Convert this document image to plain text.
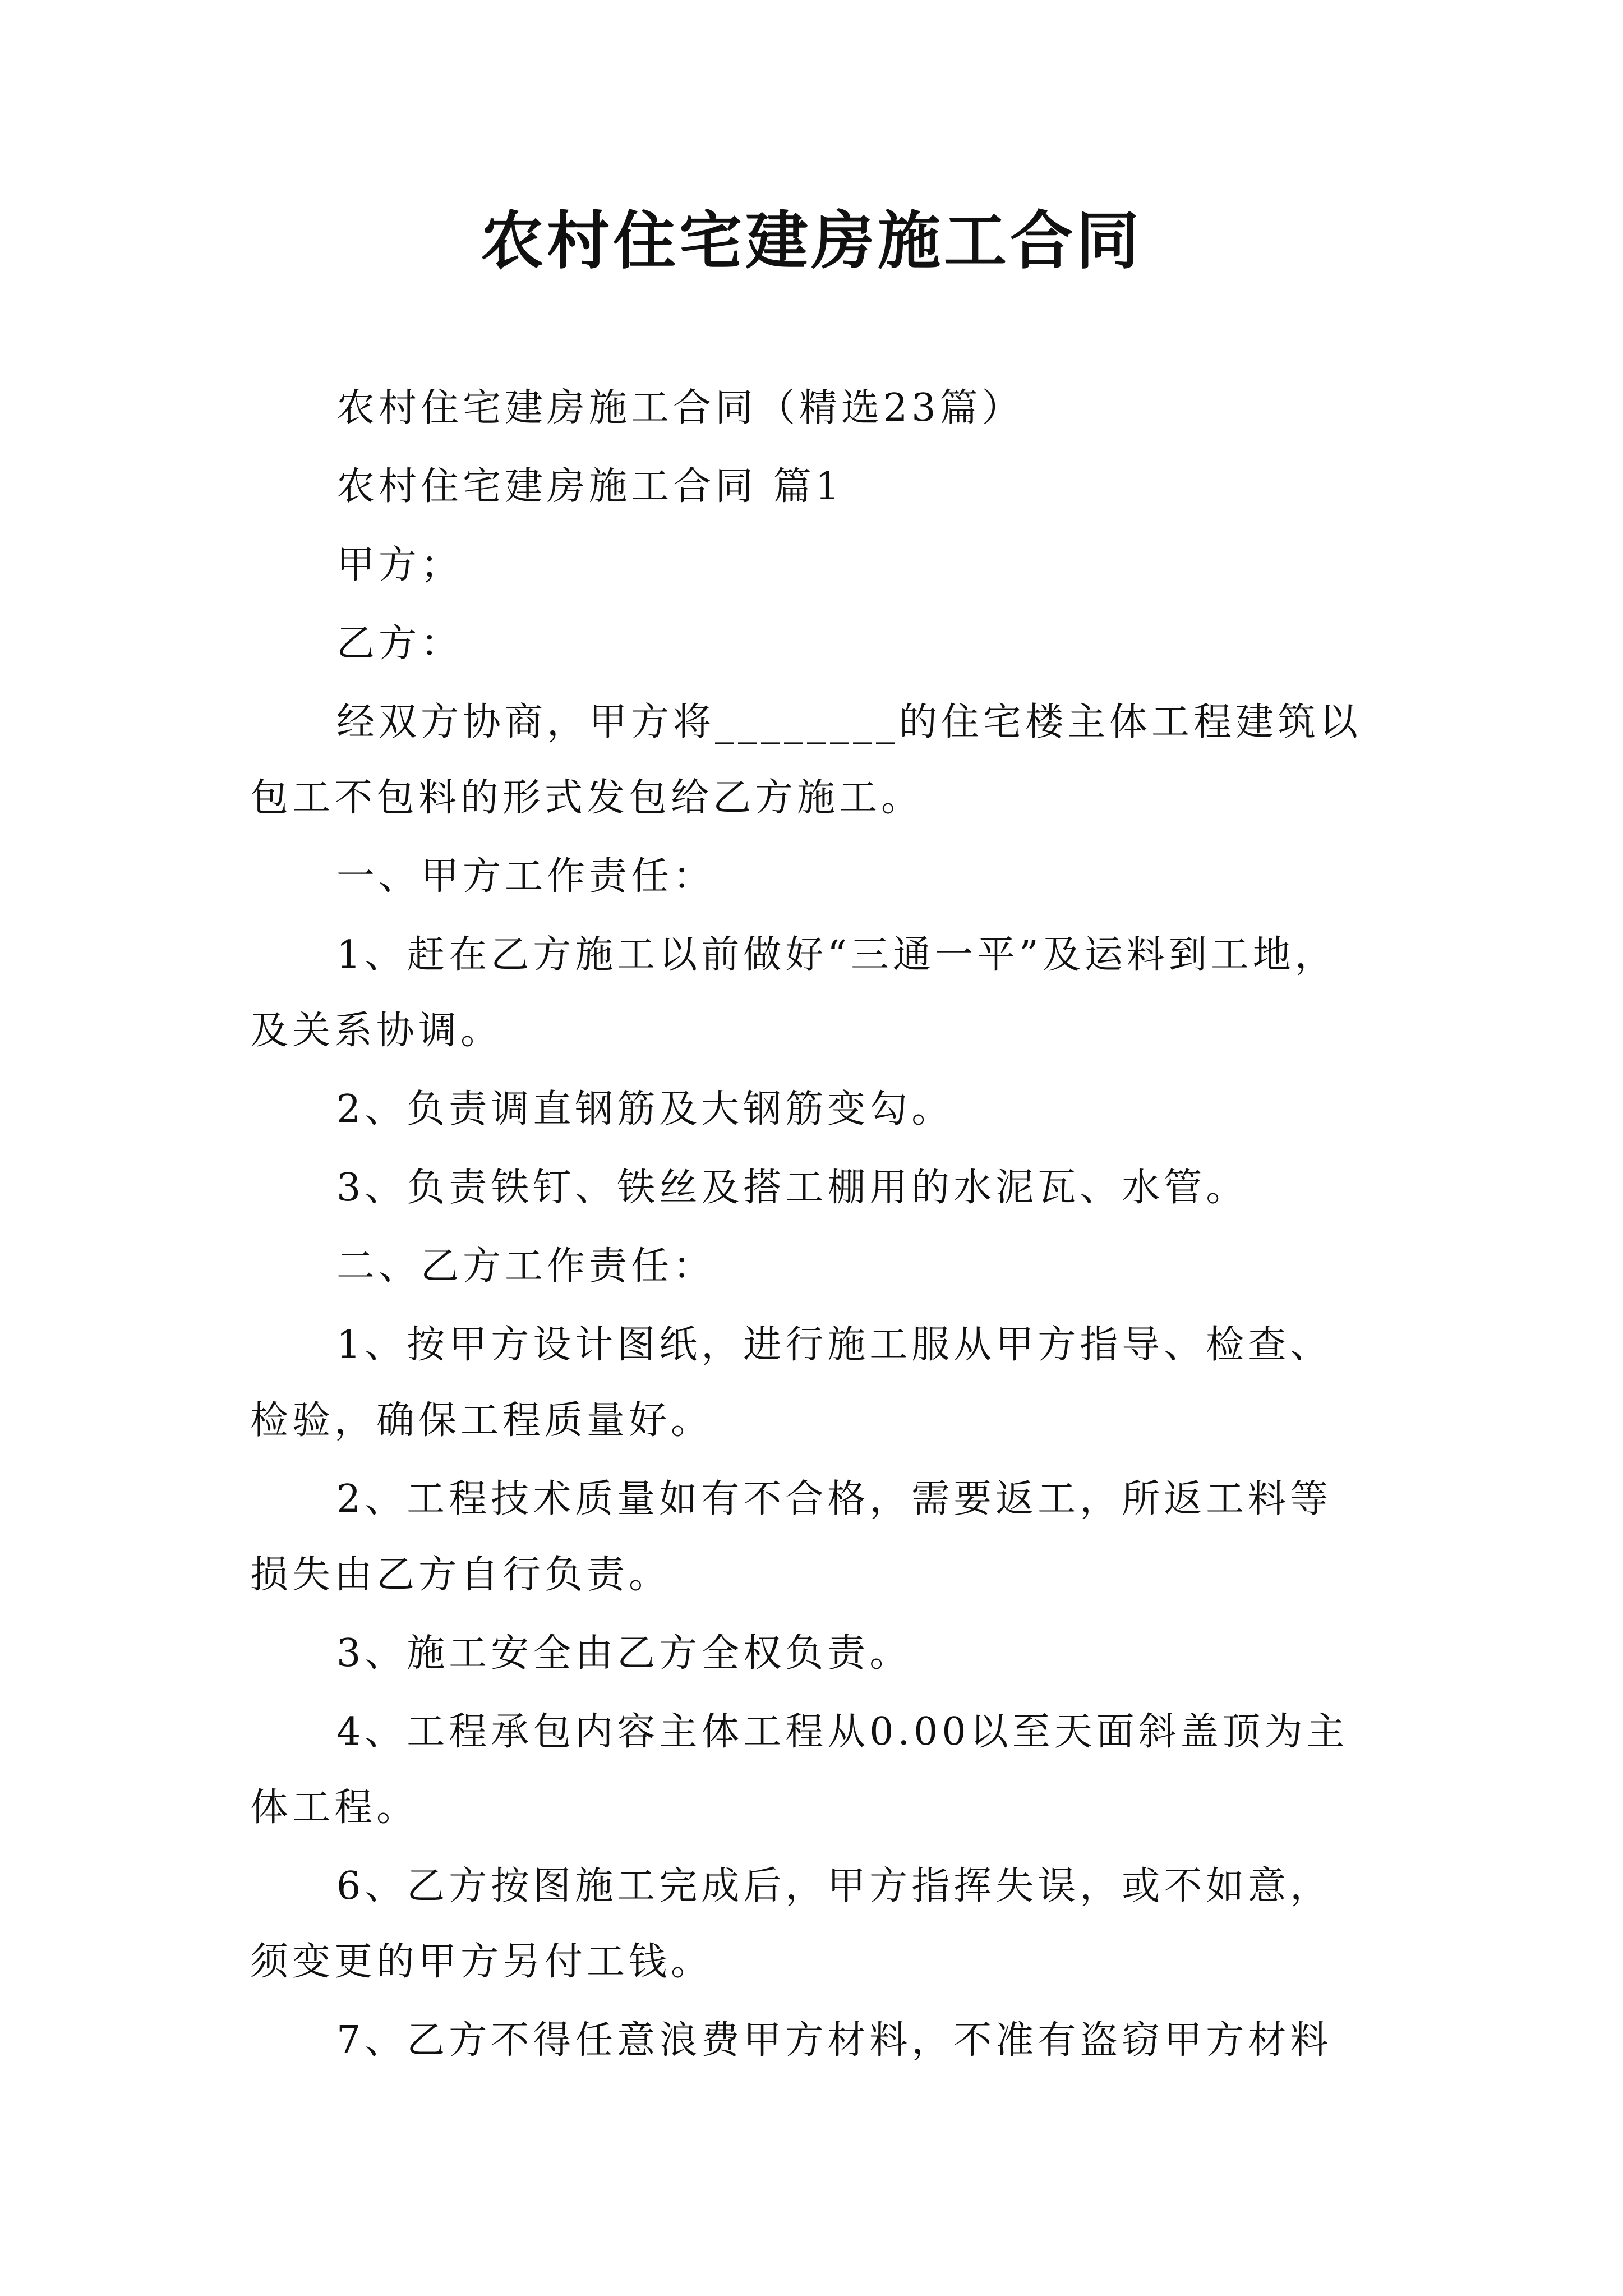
农村住宅建房施工合同
农村住宅建房施工合同（精选23篇）
农村住宅建房施工合同 篇1
甲方；
乙方：
经双方协商，甲方将________的住宅楼主体工程建筑以
包工不包料的形式发包给乙方施工。
一、甲方工作责任：
1、赶在乙方施工以前做好“三通一平”及运料到工地，
及关系协调。
2、负责调直钢筋及大钢筋变勾。
3、负责铁钉、铁丝及搭工棚用的水泥瓦、水管。
二、乙方工作责任：
1、按甲方设计图纸，进行施工服从甲方指导、检查、
检验，确保工程质量好。
2、工程技术质量如有不合格，需要返工，所返工料等
损失由乙方自行负责。
3、施工安全由乙方全权负责。
4、工程承包内容主体工程从0.00以至天面斜盖顶为主
体工程。
6、乙方按图施工完成后，甲方指挥失误，或不如意，
须变更的甲方另付工钱。
7、乙方不得任意浪费甲方材料，不准有盗窃甲方材料
